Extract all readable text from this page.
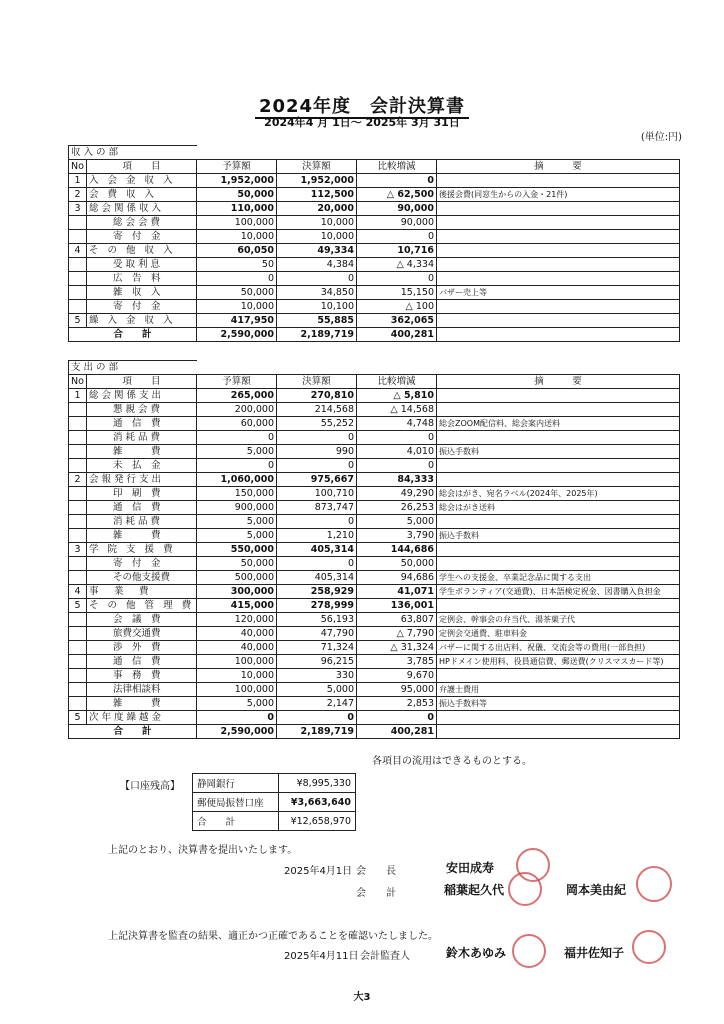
2024年度　会計決算書
2024年4 月 1日～ 2025年 3月 31日
(単位:円)
収 入 の 部					
No	項　　目	予算額	決算額	比較増減	摘　　　要
1	入 会 金 収 入	1,952,000	1,952,000	0	
2	会 費 収 入	50,000	112,500	△ 62,500	後援会費(同窓生からの入金・21件)
3	総会関係収入	110,000	20,000	90,000	
	総 会 会 費	100,000	10,000	90,000	
	寄　付　金	10,000	10,000	0	
4	そ の 他 収 入	60,050	49,334	10,716	
	受 取 利 息	50	4,384	△ 4,334	
	広　告　料	0	0	0	
	雑　収　入	50,000	34,850	15,150	バザー売上等
	寄　付　金	10,000	10,100	△ 100	
5	繰 入 金 収 入	417,950	55,885	362,065	
合　　計		2,590,000	2,189,719	400,281	
支 出 の 部					
No	項　　目	予算額	決算額	比較増減	摘　　　要
1	総会関係支出	265,000	270,810	△ 5,810	
	懇 親 会 費	200,000	214,568	△ 14,568	
	通　信　費	60,000	55,252	4,748	総会ZOOM配信料、総会案内送料
	消 耗 品 費	0	0	0	
	雑　　　費	5,000	990	4,010	振込手数料
	未　払　金	0	0	0	
2	会報発行支出	1,060,000	975,667	84,333	
	印　刷　費	150,000	100,710	49,290	総会はがき、宛名ラベル(2024年、2025年)
	通　信　費	900,000	873,747	26,253	総会はがき送料
	消 耗 品 費	5,000	0	5,000	
	雑　　　費	5,000	1,210	3,790	振込手数料
3	学 院 支 援 費	550,000	405,314	144,686	
	寄　付　金	50,000	0	50,000	
	その他支援費	500,000	405,314	94,686	学生への支援金、卒業記念品に関する支出
4	事　業　費	300,000	258,929	41,071	学生ボランティア(交通費)、日本語検定祝金、図書購入負担金
5	そ の 他 管 理 費	415,000	278,999	136,001	
	会　議　費	120,000	56,193	63,807	定例会、幹事会の弁当代、湯茶菓子代
	旅費交通費	40,000	47,790	△ 7,790	定例会交通費、駐車料金
	渉　外　費	40,000	71,324	△ 31,324	バザーに関する出店料、祝儀、交流会等の費用(一部負担)
	通　信　費	100,000	96,215	3,785	HPドメイン使用料、役員通信費、郵送費(クリスマスカード等)
	事　務　費	10,000	330	9,670	
	法律相談料	100,000	5,000	95,000	弁護士費用
	雑　　　費	5,000	2,147	2,853	振込手数料等
5	次年度繰越金	0	0	0	
合　　計		2,590,000	2,189,719	400,281	
各項目の流用はできるものとする。
【口座残高】 静岡銀行	¥8,995,330
郵便局振替口座	¥3,663,640
合　　計	¥12,658,970
上記のとおり、決算書を提出いたします。
2025年4月1日 会　　長	安田成寿
会　　計	稲葉起久代	岡本美由紀
上記決算書を監査の結果、適正かつ正確であることを確認いたしました。
2025年4月11日 会計監査人	鈴木あゆみ	福井佐知子
大3
